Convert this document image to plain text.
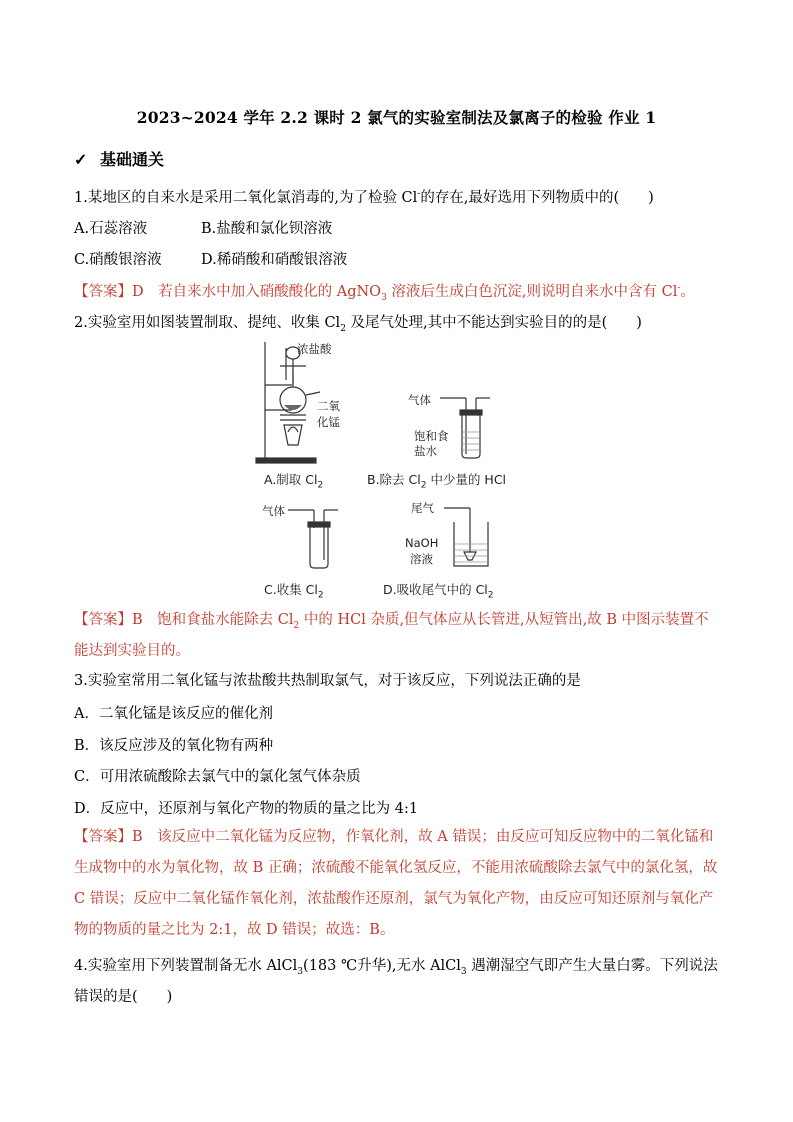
2023~2024 学年 2.2 课时 2 氯气的实验室制法及氯离子的检验 作业 1
✓ 基础通关
1.某地区的自来水是采用二氧化氯消毒的,为了检验 Cl-的存在,最好选用下列物质中的(　　)
A.石蕊溶液	B.盐酸和氯化钡溶液
C.硝酸银溶液	D.稀硝酸和硝酸银溶液
【答案】D　若自来水中加入硝酸酸化的 AgNO$_3$ 溶液后生成白色沉淀,则说明自来水中含有 Cl-。
2.实验室用如图装置制取、提纯、收集 $Cl_2$ 及尾气处理,其中不能达到实验目的的是(　　)
浓盐酸
二氧
化锰
气体
饱和食
盐水
A.制取 $Cl_2$	B.除去 $Cl_2$ 中少量的 HCl
气体	尾气
NaOH
溶液
C.收集 $Cl_2$	D.吸收尾气中的 $Cl_2$
【答案】B　饱和食盐水能除去 $Cl_2$ 中的 HCl 杂质,但气体应从长管进,从短管出,故 B 中图示装置不能达到实验目的。
3.实验室常用二氧化锰与浓盐酸共热制取氯气，对于该反应，下列说法正确的是
A．二氧化锰是该反应的催化剂
B．该反应涉及的氧化物有两种
C．可用浓硫酸除去氯气中的氯化氢气体杂质
D．反应中，还原剂与氧化产物的物质的量之比为 4:1
【答案】B　该反应中二氧化锰为反应物，作氧化剂，故 A 错误；由反应可知反应物中的二氧化锰和生成物中的水为氧化物，故 B 正确；浓硫酸不能氧化氢反应，不能用浓硫酸除去氯气中的氯化氢，故 C 错误；反应中二氧化锰作氧化剂，浓盐酸作还原剂，氯气为氧化产物，由反应可知还原剂与氧化产物的物质的量之比为 2:1，故 D 错误；故选：B。
4.实验室用下列装置制备无水 AlCl$_3$(183 ℃升华),无水 AlCl$_3$ 遇潮湿空气即产生大量白雾。下列说法错误的是(　　)
